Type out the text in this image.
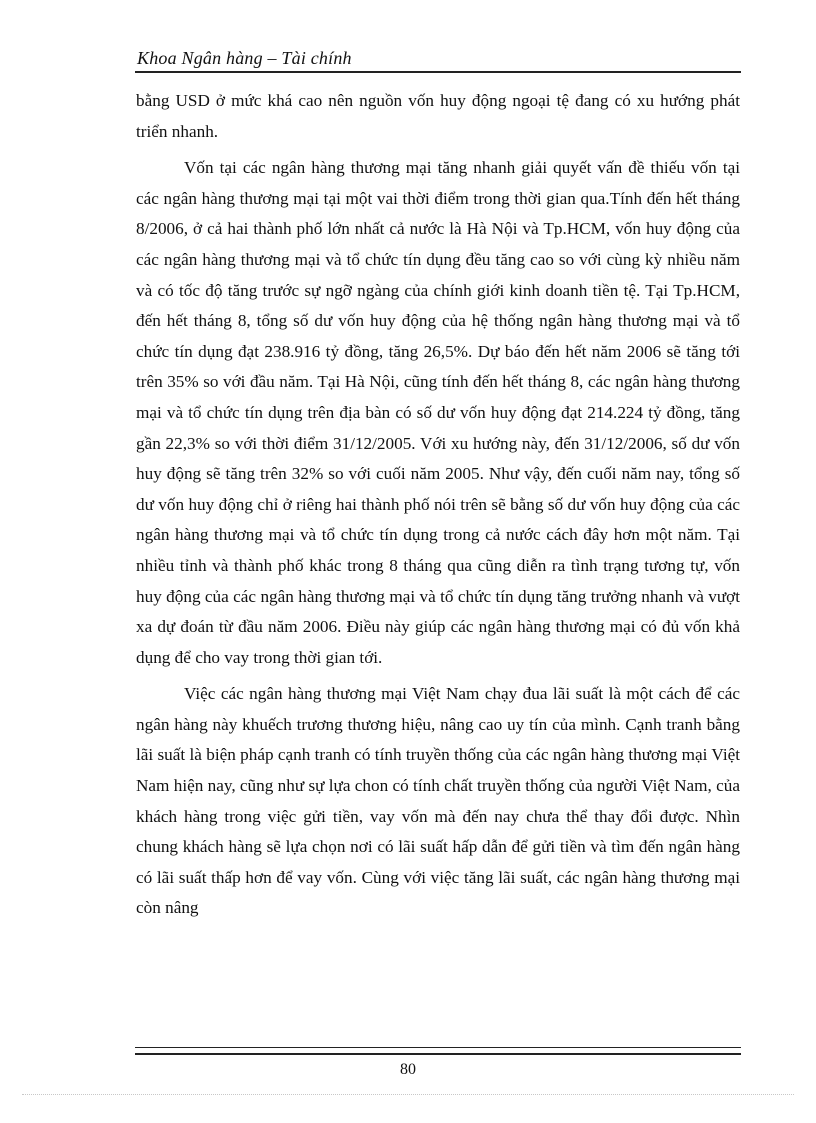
Khoa Ngân hàng – Tài chính

bằng USD ở mức khá cao nên nguồn vốn huy động ngoại tệ đang có xu hướng phát triển nhanh.

Vốn tại các ngân hàng thương mại tăng nhanh giải quyết vấn đề thiếu vốn tại các ngân hàng thương mại tại một vai thời điểm trong thời gian qua.Tính đến hết tháng 8/2006, ở cả hai thành phố lớn nhất cả nước là Hà Nội và Tp.HCM, vốn huy động của các ngân hàng thương mại và tổ chức tín dụng đều tăng cao so với cùng kỳ nhiều năm và có tốc độ tăng trước sự ngỡ ngàng của chính giới kinh doanh tiền tệ. Tại Tp.HCM, đến hết tháng 8, tổng số dư vốn huy động của hệ thống ngân hàng thương mại và tổ chức tín dụng đạt 238.916 tỷ đồng, tăng 26,5%. Dự báo đến hết năm 2006 sẽ tăng tới trên 35% so với đầu năm. Tại Hà Nội, cũng tính đến hết tháng 8, các ngân hàng thương mại và tổ chức tín dụng trên địa bàn có số dư vốn huy động đạt 214.224 tỷ đồng, tăng gần 22,3% so với thời điểm 31/12/2005. Với xu hướng này, đến 31/12/2006, số dư vốn huy động sẽ tăng trên 32% so với cuối năm 2005. Như vậy, đến cuối năm nay, tổng số dư vốn huy động chỉ ở riêng hai thành phố nói trên sẽ bằng số dư vốn huy động của các ngân hàng thương mại và tổ chức tín dụng trong cả nước cách đây hơn một năm. Tại nhiều tỉnh và thành phố khác trong 8 tháng qua cũng diễn ra tình trạng tương tự, vốn huy động của các ngân hàng thương mại và tổ chức tín dụng tăng trưởng nhanh và vượt xa dự đoán từ đầu năm 2006. Điều này giúp các ngân hàng thương mại có đủ vốn khả dụng để cho vay trong thời gian tới.

Việc các ngân hàng thương mại Việt Nam chạy đua lãi suất là một cách để các ngân hàng này khuếch trương thương hiệu, nâng cao uy tín của mình. Cạnh tranh bằng lãi suất là biện pháp cạnh tranh có tính truyền thống của các ngân hàng thương mại Việt Nam hiện nay, cũng như sự lựa chon có tính chất truyền thống của người Việt Nam, của khách hàng trong việc gửi tiền, vay vốn mà đến nay chưa thể thay đổi được. Nhìn chung khách hàng sẽ lựa chọn nơi có lãi suất hấp dẫn để gửi tiền và tìm đến ngân hàng có lãi suất thấp hơn để vay vốn. Cùng với việc tăng lãi suất, các ngân hàng thương mại còn nâng

80
